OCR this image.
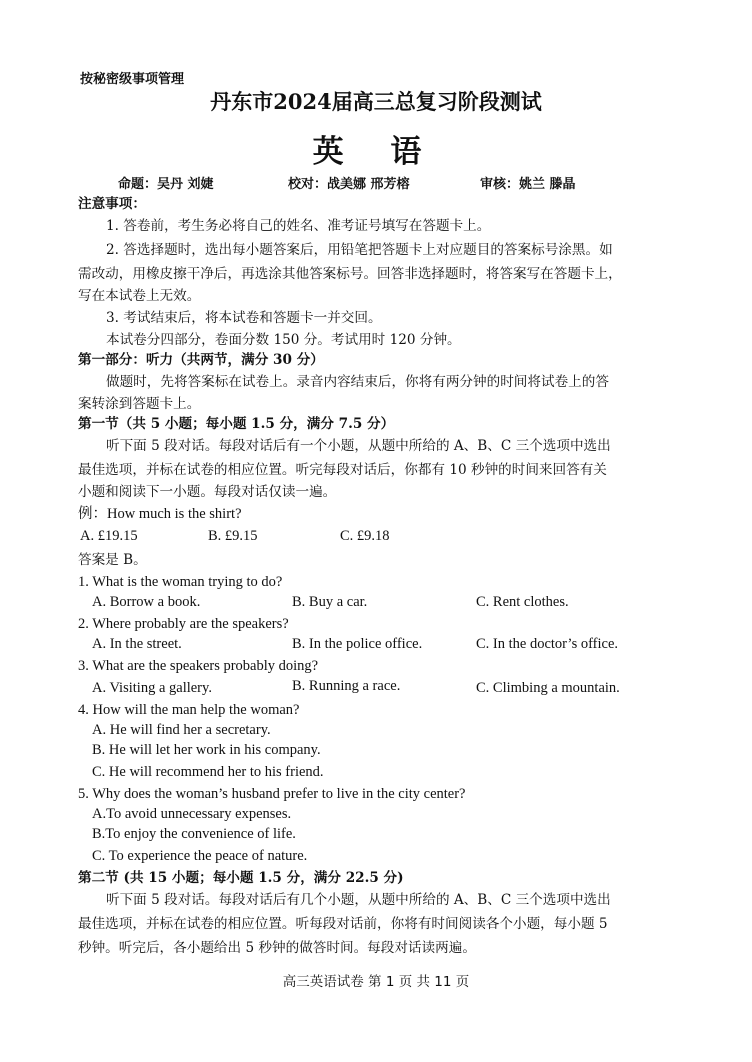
按秘密级事项管理
丹东市2024届高三总复习阶段测试
英 语
命题：吴丹 刘婕	校对：战美娜 邢芳榕	审核：姚兰 滕晶
注意事项：
1. 答卷前，考生务必将自己的姓名、准考证号填写在答题卡上。
2. 答选择题时，选出每小题答案后，用铅笔把答题卡上对应题目的答案标号涂黑。如
需改动，用橡皮擦干净后，再选涂其他答案标号。回答非选择题时，将答案写在答题卡上，
写在本试卷上无效。
3. 考试结束后，将本试卷和答题卡一并交回。
本试卷分四部分，卷面分数 150 分。考试用时 120 分钟。
第一部分：听力（共两节，满分 30 分）
做题时，先将答案标在试卷上。录音内容结束后，你将有两分钟的时间将试卷上的答
案转涂到答题卡上。
第一节（共 5 小题；每小题 1.5 分，满分 7.5 分）
听下面 5 段对话。每段对话后有一个小题，从题中所给的 A、B、C 三个选项中选出
最佳选项，并标在试卷的相应位置。听完每段对话后，你都有 10 秒钟的时间来回答有关
小题和阅读下一小题。每段对话仅读一遍。
例：How much is the shirt?
A. £19.15	B. £9.15	C. £9.18
答案是 B。
1. What is the woman trying to do?
A. Borrow a book.	B. Buy a car.	C. Rent clothes.
2. Where probably are the speakers?
A. In the street.	B. In the police office.	C. In the doctor’s office.
3. What are the speakers probably doing?
A. Visiting a gallery.	B. Running a race.	C. Climbing a mountain.
4. How will the man help the woman?
A. He will find her a secretary.
B. He will let her work in his company.
C. He will recommend her to his friend.
5. Why does the woman’s husband prefer to live in the city center?
A.To avoid unnecessary expenses.
B.To enjoy the convenience of life.
C. To experience the peace of nature.
第二节 (共 15 小题；每小题 1.5 分，满分 22.5 分)
听下面 5 段对话。每段对话后有几个小题，从题中所给的 A、B、C 三个选项中选出
最佳选项，并标在试卷的相应位置。听每段对话前，你将有时间阅读各个小题，每小题 5
秒钟。听完后，各小题给出 5 秒钟的做答时间。每段对话读两遍。
高三英语试卷 第 1 页 共 11 页
